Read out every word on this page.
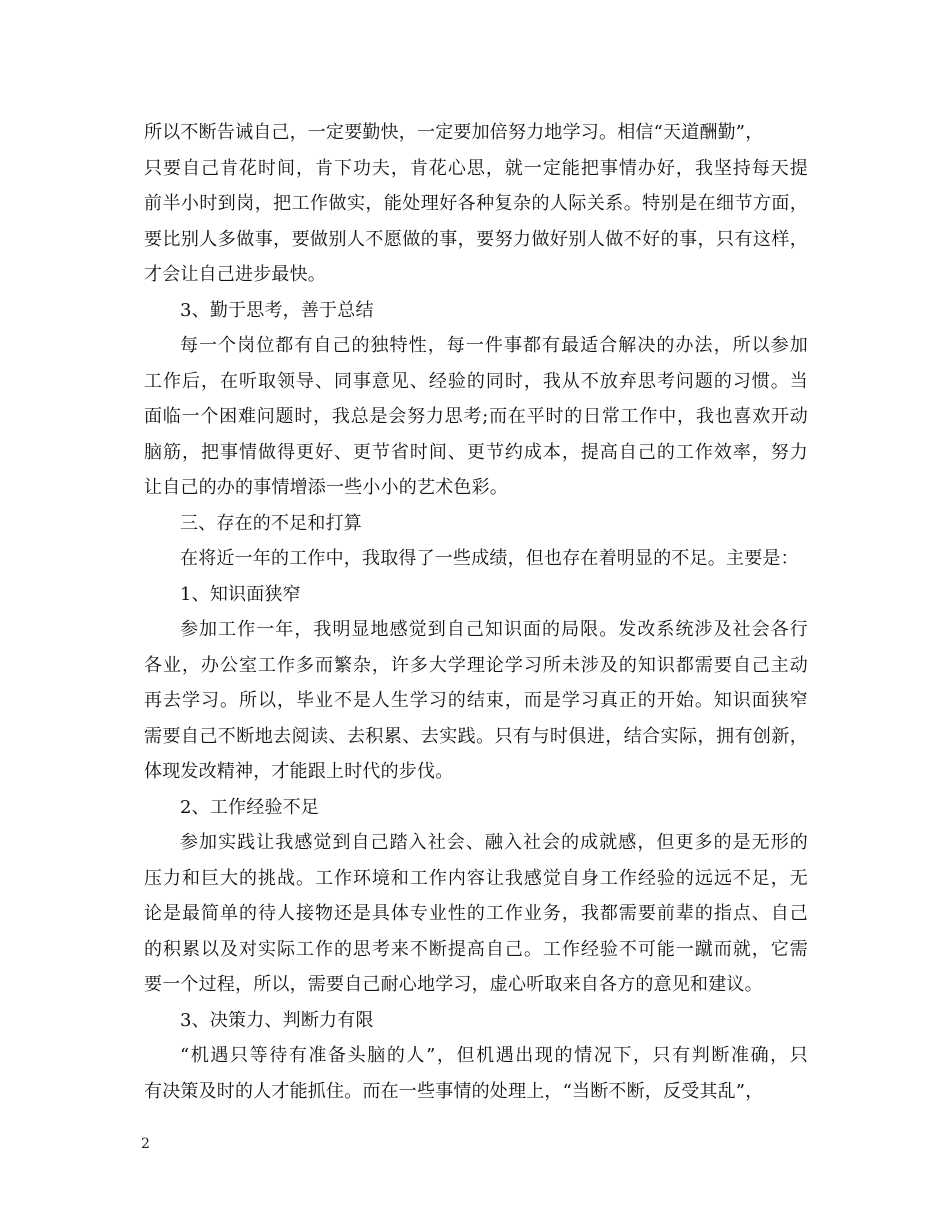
所以不断告诫自己，一定要勤快，一定要加倍努力地学习。相信“天道酬勤”，
只要自己肯花时间，肯下功夫，肯花心思，就一定能把事情办好，我坚持每天提
前半小时到岗，把工作做实，能处理好各种复杂的人际关系。特别是在细节方面，
要比别人多做事，要做别人不愿做的事，要努力做好别人做不好的事，只有这样，
才会让自己进步最快。
3、勤于思考，善于总结
每一个岗位都有自己的独特性，每一件事都有最适合解决的办法，所以参加
工作后，在听取领导、同事意见、经验的同时，我从不放弃思考问题的习惯。当
面临一个困难问题时，我总是会努力思考;而在平时的日常工作中，我也喜欢开动
脑筋，把事情做得更好、更节省时间、更节约成本，提高自己的工作效率，努力
让自己的办的事情增添一些小小的艺术色彩。
三、存在的不足和打算
在将近一年的工作中，我取得了一些成绩，但也存在着明显的不足。主要是：
1、知识面狭窄
参加工作一年，我明显地感觉到自己知识面的局限。发改系统涉及社会各行
各业，办公室工作多而繁杂，许多大学理论学习所未涉及的知识都需要自己主动
再去学习。所以，毕业不是人生学习的结束，而是学习真正的开始。知识面狭窄
需要自己不断地去阅读、去积累、去实践。只有与时俱进，结合实际，拥有创新，
体现发改精神，才能跟上时代的步伐。
2、工作经验不足
参加实践让我感觉到自己踏入社会、融入社会的成就感，但更多的是无形的
压力和巨大的挑战。工作环境和工作内容让我感觉自身工作经验的远远不足，无
论是最简单的待人接物还是具体专业性的工作业务，我都需要前辈的指点、自己
的积累以及对实际工作的思考来不断提高自己。工作经验不可能一蹴而就，它需
要一个过程，所以，需要自己耐心地学习，虚心听取来自各方的意见和建议。
3、决策力、判断力有限
“机遇只等待有准备头脑的人”，但机遇出现的情况下，只有判断准确，只
有决策及时的人才能抓住。而在一些事情的处理上，“当断不断，反受其乱”，
2
